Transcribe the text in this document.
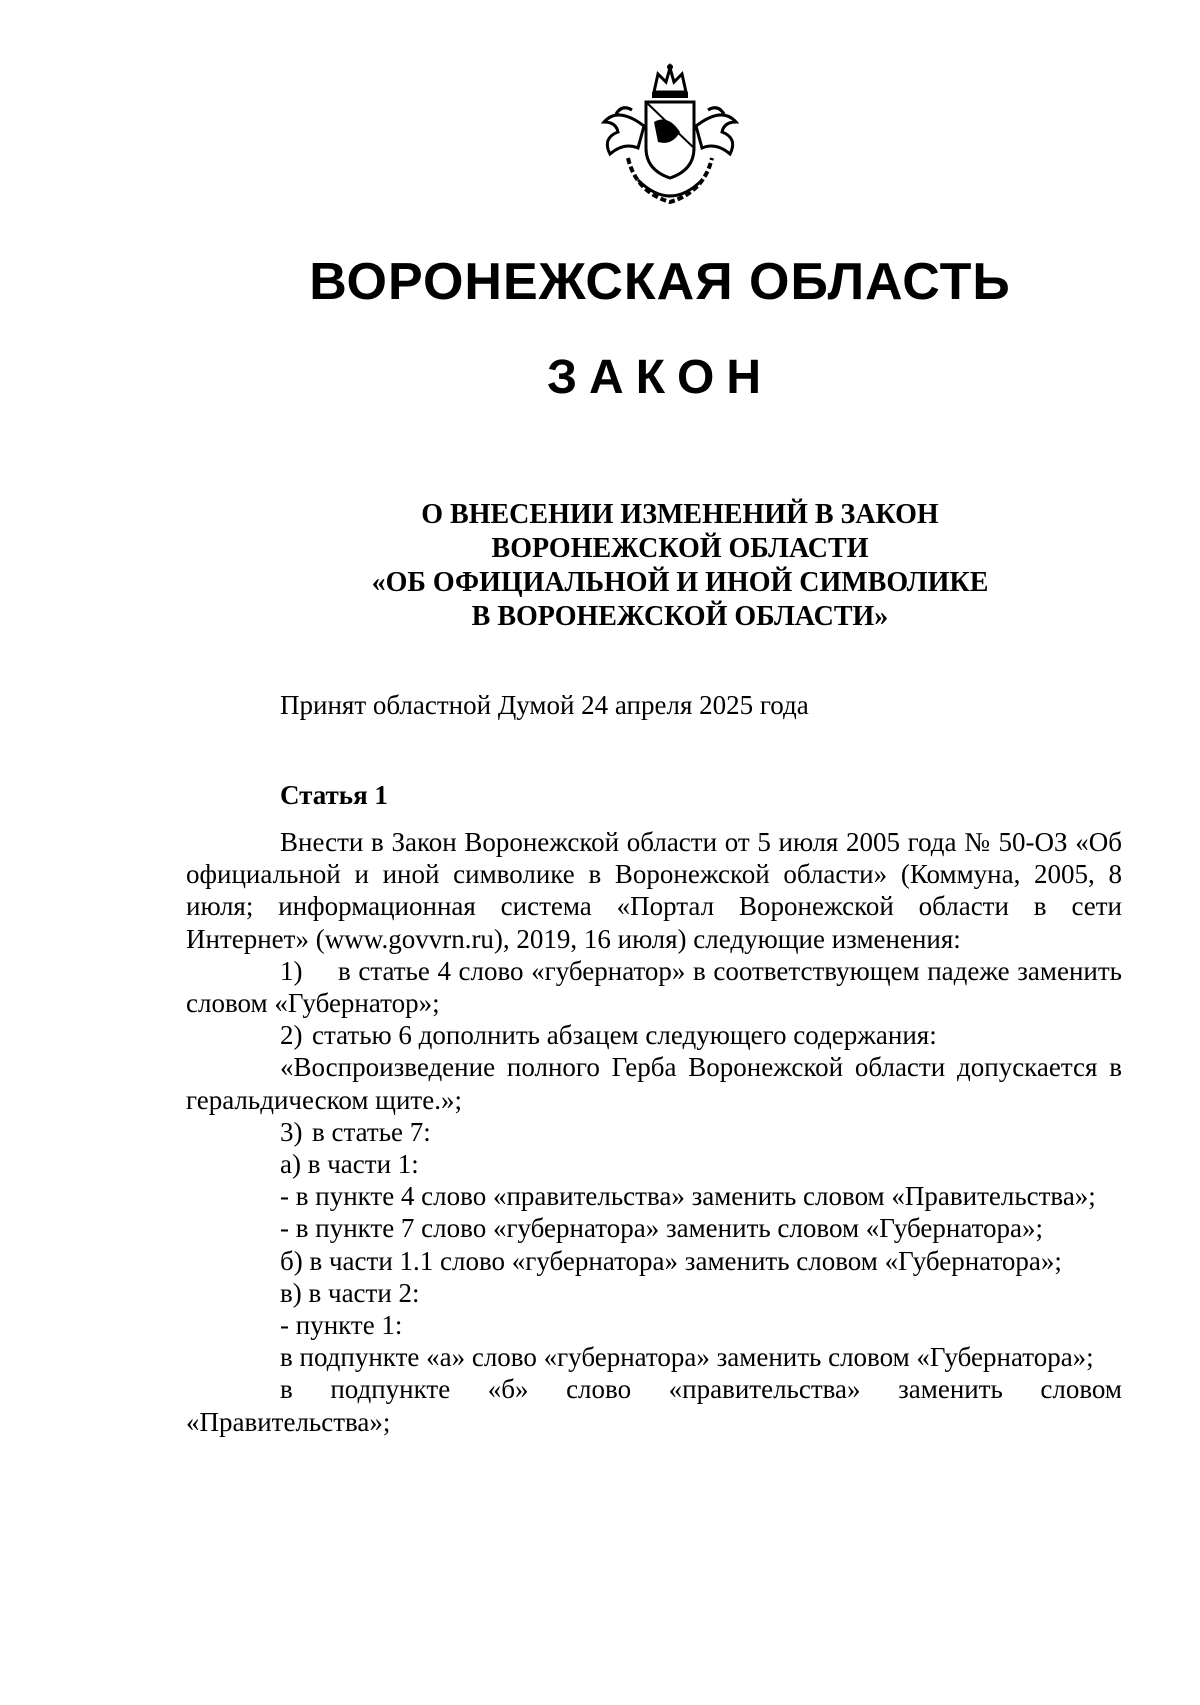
ВОРОНЕЖСКАЯ ОБЛАСТЬ
ЗАКОН
О ВНЕСЕНИИ ИЗМЕНЕНИЙ В ЗАКОН
ВОРОНЕЖСКОЙ ОБЛАСТИ
«ОБ ОФИЦИАЛЬНОЙ И ИНОЙ СИМВОЛИКЕ
В ВОРОНЕЖСКОЙ ОБЛАСТИ»
Принят областной Думой 24 апреля 2025 года
Статья 1

Внести в Закон Воронежской области от 5 июля 2005 года № 50-ОЗ «Об официальной и иной символике в Воронежской области» (Коммуна, 2005, 8 июля; информационная система «Портал Воронежской области в сети Интернет» (www.govvrn.ru), 2019, 16 июля) следующие изменения:

1) в статье 4 слово «губернатор» в соответствующем падеже заменить словом «Губернатор»;

2) статью 6 дополнить абзацем следующего содержания:

«Воспроизведение полного Герба Воронежской области допускается в геральдическом щите.»;

3) в статье 7:

а) в части 1:

- в пункте 4 слово «правительства» заменить словом «Правительства»;

- в пункте 7 слово «губернатора» заменить словом «Губернатора»;

б) в части 1.1 слово «губернатора» заменить словом «Губернатора»;

в) в части 2:

- пункте 1:

в подпункте «а» слово «губернатора» заменить словом «Губернатора»;

в подпункте «б» слово «правительства» заменить словом «Правительства»;
